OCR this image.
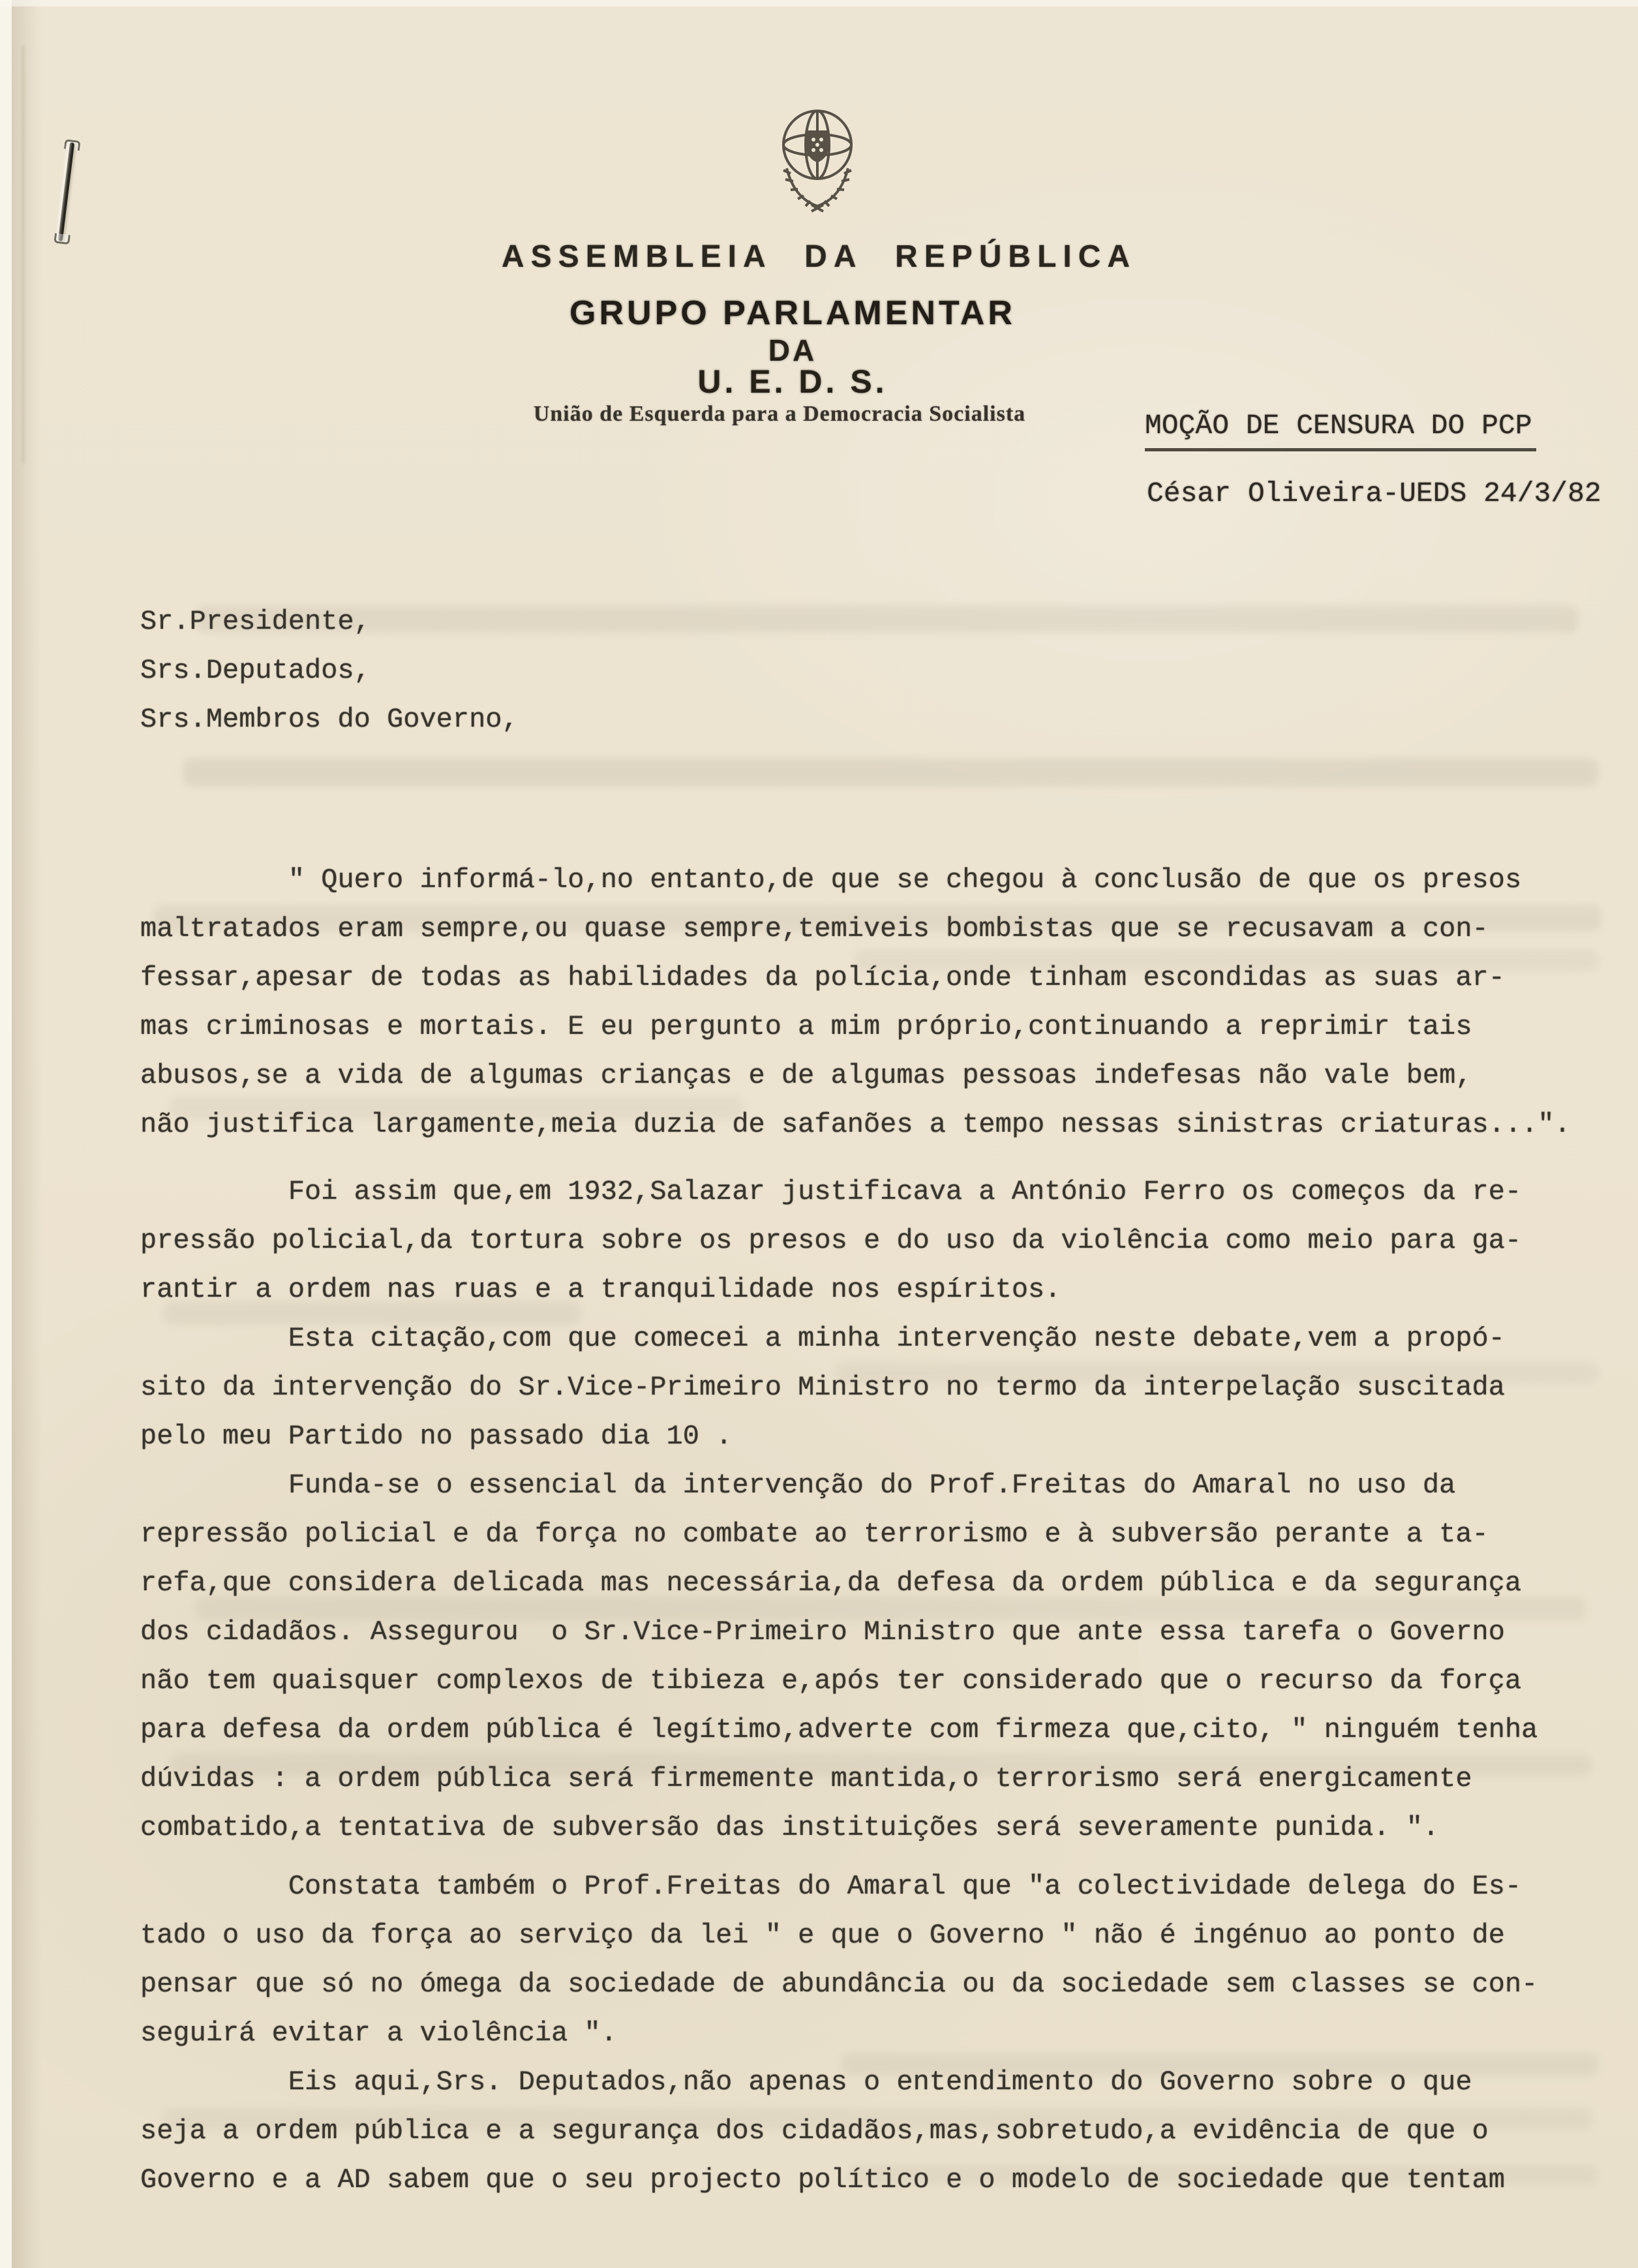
ASSEMBLEIA DA REPÚBLICA
GRUPO PARLAMENTAR
DA
U. E. D. S.
União de Esquerda para a Democracia Socialista	MOÇÃO DE CENSURA DO PCP
César Oliveira-UEDS 24/3/82
Sr.Presidente,
Srs.Deputados,
Srs.Membros do Governo,
" Quero informá-lo,no entanto,de que se chegou à conclusão de que os presos
maltratados eram sempre,ou quase sempre,temiveis bombistas que se recusavam a con-
fessar,apesar de todas as habilidades da polícia,onde tinham escondidas as suas ar-
mas criminosas e mortais. E eu pergunto a mim próprio,continuando a reprimir tais
abusos,se a vida de algumas crianças e de algumas pessoas indefesas não vale bem,
não justifica largamente,meia duzia de safanões a tempo nessas sinistras criaturas...".
Foi assim que,em 1932,Salazar justificava a António Ferro os começos da re-
pressão policial,da tortura sobre os presos e do uso da violência como meio para ga-
rantir a ordem nas ruas e a tranquilidade nos espíritos.
Esta citação,com que comecei a minha intervenção neste debate,vem a propó-
sito da intervenção do Sr.Vice-Primeiro Ministro no termo da interpelação suscitada
pelo meu Partido no passado dia 10 .
Funda-se o essencial da intervenção do Prof.Freitas do Amaral no uso da
repressão policial e da força no combate ao terrorismo e à subversão perante a ta-
refa,que considera delicada mas necessária,da defesa da ordem pública e da segurança
dos cidadãos. Assegurou  o Sr.Vice-Primeiro Ministro que ante essa tarefa o Governo
não tem quaisquer complexos de tibieza e,após ter considerado que o recurso da força
para defesa da ordem pública é legítimo,adverte com firmeza que,cito, " ninguém tenha
dúvidas : a ordem pública será firmemente mantida,o terrorismo será energicamente
combatido,a tentativa de subversão das instituições será severamente punida. ".
Constata também o Prof.Freitas do Amaral que "a colectividade delega do Es-
tado o uso da força ao serviço da lei " e que o Governo " não é ingénuo ao ponto de
pensar que só no ómega da sociedade de abundância ou da sociedade sem classes se con-
seguirá evitar a violência ".
Eis aqui,Srs. Deputados,não apenas o entendimento do Governo sobre o que
seja a ordem pública e a segurança dos cidadãos,mas,sobretudo,a evidência de que o
Governo e a AD sabem que o seu projecto político e o modelo de sociedade que tentam
